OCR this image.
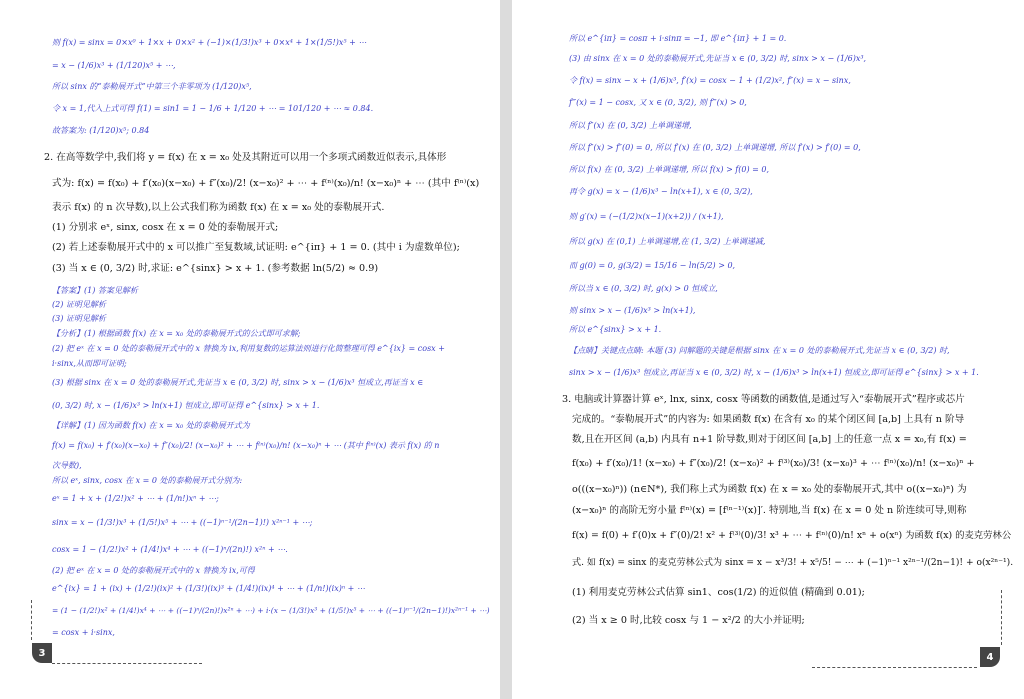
则 f(x) = sinx = 0×x⁰ + 1×x + 0×x² + (−1)×(1/3!)x³ + 0×x⁴ + 1×(1/5!)x⁵ + ⋯
= x − (1/6)x³ + (1/120)x⁵ + ⋯,
所以 sinx 的“泰勒展开式”中第三个非零项为 (1/120)x⁵,
令 x = 1,代入上式可得 f(1) = sin1 = 1 − 1/6 + 1/120 + ⋯ = 101/120 + ⋯ ≈ 0.84.
故答案为: (1/120)x⁵; 0.84
2. 在高等数学中,我们将 y = f(x) 在 x = x₀ 处及其附近可以用一个多项式函数近似表示,具体形
式为: f(x) = f(x₀) + f′(x₀)(x−x₀) + f″(x₀)/2! (x−x₀)² + ⋯ + f⁽ⁿ⁾(x₀)/n! (x−x₀)ⁿ + ⋯ (其中 f⁽ⁿ⁾(x)
表示 f(x) 的 n 次导数),以上公式我们称为函数 f(x) 在 x = x₀ 处的泰勒展开式.
(1) 分别求 eˣ, sinx, cosx 在 x = 0 处的泰勒展开式;
(2) 若上述泰勒展开式中的 x 可以推广至复数域,试证明: e^{iπ} + 1 = 0. (其中 i 为虚数单位);
(3) 当 x ∈ (0, 3/2) 时,求证: e^{sinx} > x + 1. (参考数据 ln(5/2) ≈ 0.9)
【答案】(1) 答案见解析
(2) 证明见解析
(3) 证明见解析
【分析】(1) 根据函数 f(x) 在 x = x₀ 处的泰勒展开式的公式即可求解;
(2) 把 eˣ 在 x = 0 处的泰勒展开式中的 x 替换为 ix,利用复数的运算法则进行化简整理可得 e^{ix} = cosx +
i·sinx,从而即可证明;
(3) 根据 sinx 在 x = 0 处的泰勒展开式,先证当 x ∈ (0, 3/2) 时, sinx > x − (1/6)x³ 恒成立,再证当 x ∈
(0, 3/2) 时, x − (1/6)x³ > ln(x+1) 恒成立,即可证得 e^{sinx} > x + 1.
【详解】(1) 因为函数 f(x) 在 x = x₀ 处的泰勒展开式为
f(x) = f(x₀) + f′(x₀)(x−x₀) + f″(x₀)/2! (x−x₀)² + ⋯ + f⁽ⁿ⁾(x₀)/n! (x−x₀)ⁿ + ⋯ (其中 f⁽ⁿ⁾(x) 表示 f(x) 的 n
次导数),
所以 eˣ, sinx, cosx 在 x = 0 处的泰勒展开式分别为:
eˣ = 1 + x + (1/2!)x² + ⋯ + (1/n!)xⁿ + ⋯;
sinx = x − (1/3!)x³ + (1/5!)x⁵ + ⋯ + ((−1)ⁿ⁻¹/(2n−1)!) x²ⁿ⁻¹ + ⋯;
cosx = 1 − (1/2!)x² + (1/4!)x⁴ + ⋯ + ((−1)ⁿ/(2n)!) x²ⁿ + ⋯.
(2) 把 eˣ 在 x = 0 处的泰勒展开式中的 x 替换为 ix,可得
e^{ix} = 1 + (ix) + (1/2!)(ix)² + (1/3!)(ix)³ + (1/4!)(ix)⁴ + ⋯ + (1/n!)(ix)ⁿ + ⋯
= (1 − (1/2!)x² + (1/4!)x⁴ + ⋯ + ((−1)ⁿ/(2n)!)x²ⁿ + ⋯) + i·(x − (1/3!)x³ + (1/5!)x⁵ + ⋯ + ((−1)ⁿ⁻¹/(2n−1)!)x²ⁿ⁻¹ + ⋯)
= cosx + i·sinx,
3
所以 e^{iπ} = cosπ + i·sinπ = −1, 即 e^{iπ} + 1 = 0.
(3) 由 sinx 在 x = 0 处的泰勒展开式,先证当 x ∈ (0, 3/2) 时, sinx > x − (1/6)x³,
令 f(x) = sinx − x + (1/6)x³, f′(x) = cosx − 1 + (1/2)x², f″(x) = x − sinx,
f‴(x) = 1 − cosx, 又 x ∈ (0, 3/2), 则 f‴(x) > 0,
所以 f″(x) 在 (0, 3/2) 上单调递增,
所以 f″(x) > f″(0) = 0, 所以 f′(x) 在 (0, 3/2) 上单调递增, 所以 f′(x) > f′(0) = 0,
所以 f(x) 在 (0, 3/2) 上单调递增, 所以 f(x) > f(0) = 0,
再令 g(x) = x − (1/6)x³ − ln(x+1), x ∈ (0, 3/2),
则 g′(x) = (−(1/2)x(x−1)(x+2)) / (x+1),
所以 g(x) 在 (0,1) 上单调递增,在 (1, 3/2) 上单调递减,
而 g(0) = 0, g(3/2) = 15/16 − ln(5/2) > 0,
所以当 x ∈ (0, 3/2) 时, g(x) > 0 恒成立,
则 sinx > x − (1/6)x³ > ln(x+1),
所以 e^{sinx} > x + 1.
【点睛】关键点点睛: 本题 (3) 问解题的关键是根据 sinx 在 x = 0 处的泰勒展开式,先证当 x ∈ (0, 3/2) 时,
sinx > x − (1/6)x³ 恒成立,再证当 x ∈ (0, 3/2) 时, x − (1/6)x³ > ln(x+1) 恒成立,即可证得 e^{sinx} > x + 1.
3. 电脑或计算器计算 eˣ, lnx, sinx, cosx 等函数的函数值,是通过写入“泰勒展开式”程序或芯片
完成的。“泰勒展开式”的内容为: 如果函数 f(x) 在含有 x₀ 的某个闭区间 [a,b] 上具有 n 阶导
数,且在开区间 (a,b) 内具有 n+1 阶导数,则对于闭区间 [a,b] 上的任意一点 x = x₀,有 f(x) =
f(x₀) + f′(x₀)/1! (x−x₀) + f″(x₀)/2! (x−x₀)² + f⁽³⁾(x₀)/3! (x−x₀)³ + ⋯ f⁽ⁿ⁾(x₀)/n! (x−x₀)ⁿ +
o(((x−x₀)ⁿ)) (n∈N*), 我们称上式为函数 f(x) 在 x = x₀ 处的泰勒展开式,其中 o((x−x₀)ⁿ) 为
(x−x₀)ⁿ 的高阶无穷小量 f⁽ⁿ⁾(x) = [f⁽ⁿ⁻¹⁾(x)]′. 特别地,当 f(x) 在 x = 0 处 n 阶连续可导,则称
f(x) = f(0) + f′(0)x + f″(0)/2! x² + f⁽³⁾(0)/3! x³ + ⋯ + f⁽ⁿ⁾(0)/n! xⁿ + o(xⁿ) 为函数 f(x) 的麦克劳林公
式. 如 f(x) = sinx 的麦克劳林公式为 sinx = x − x³/3! + x⁵/5! − ⋯ + (−1)ⁿ⁻¹ x²ⁿ⁻¹/(2n−1)! + o(x²ⁿ⁻¹).
(1) 利用麦克劳林公式估算 sin1、cos(1/2) 的近似值 (精确到 0.01);
(2) 当 x ≥ 0 时,比较 cosx 与 1 − x²/2 的大小并证明;
4
